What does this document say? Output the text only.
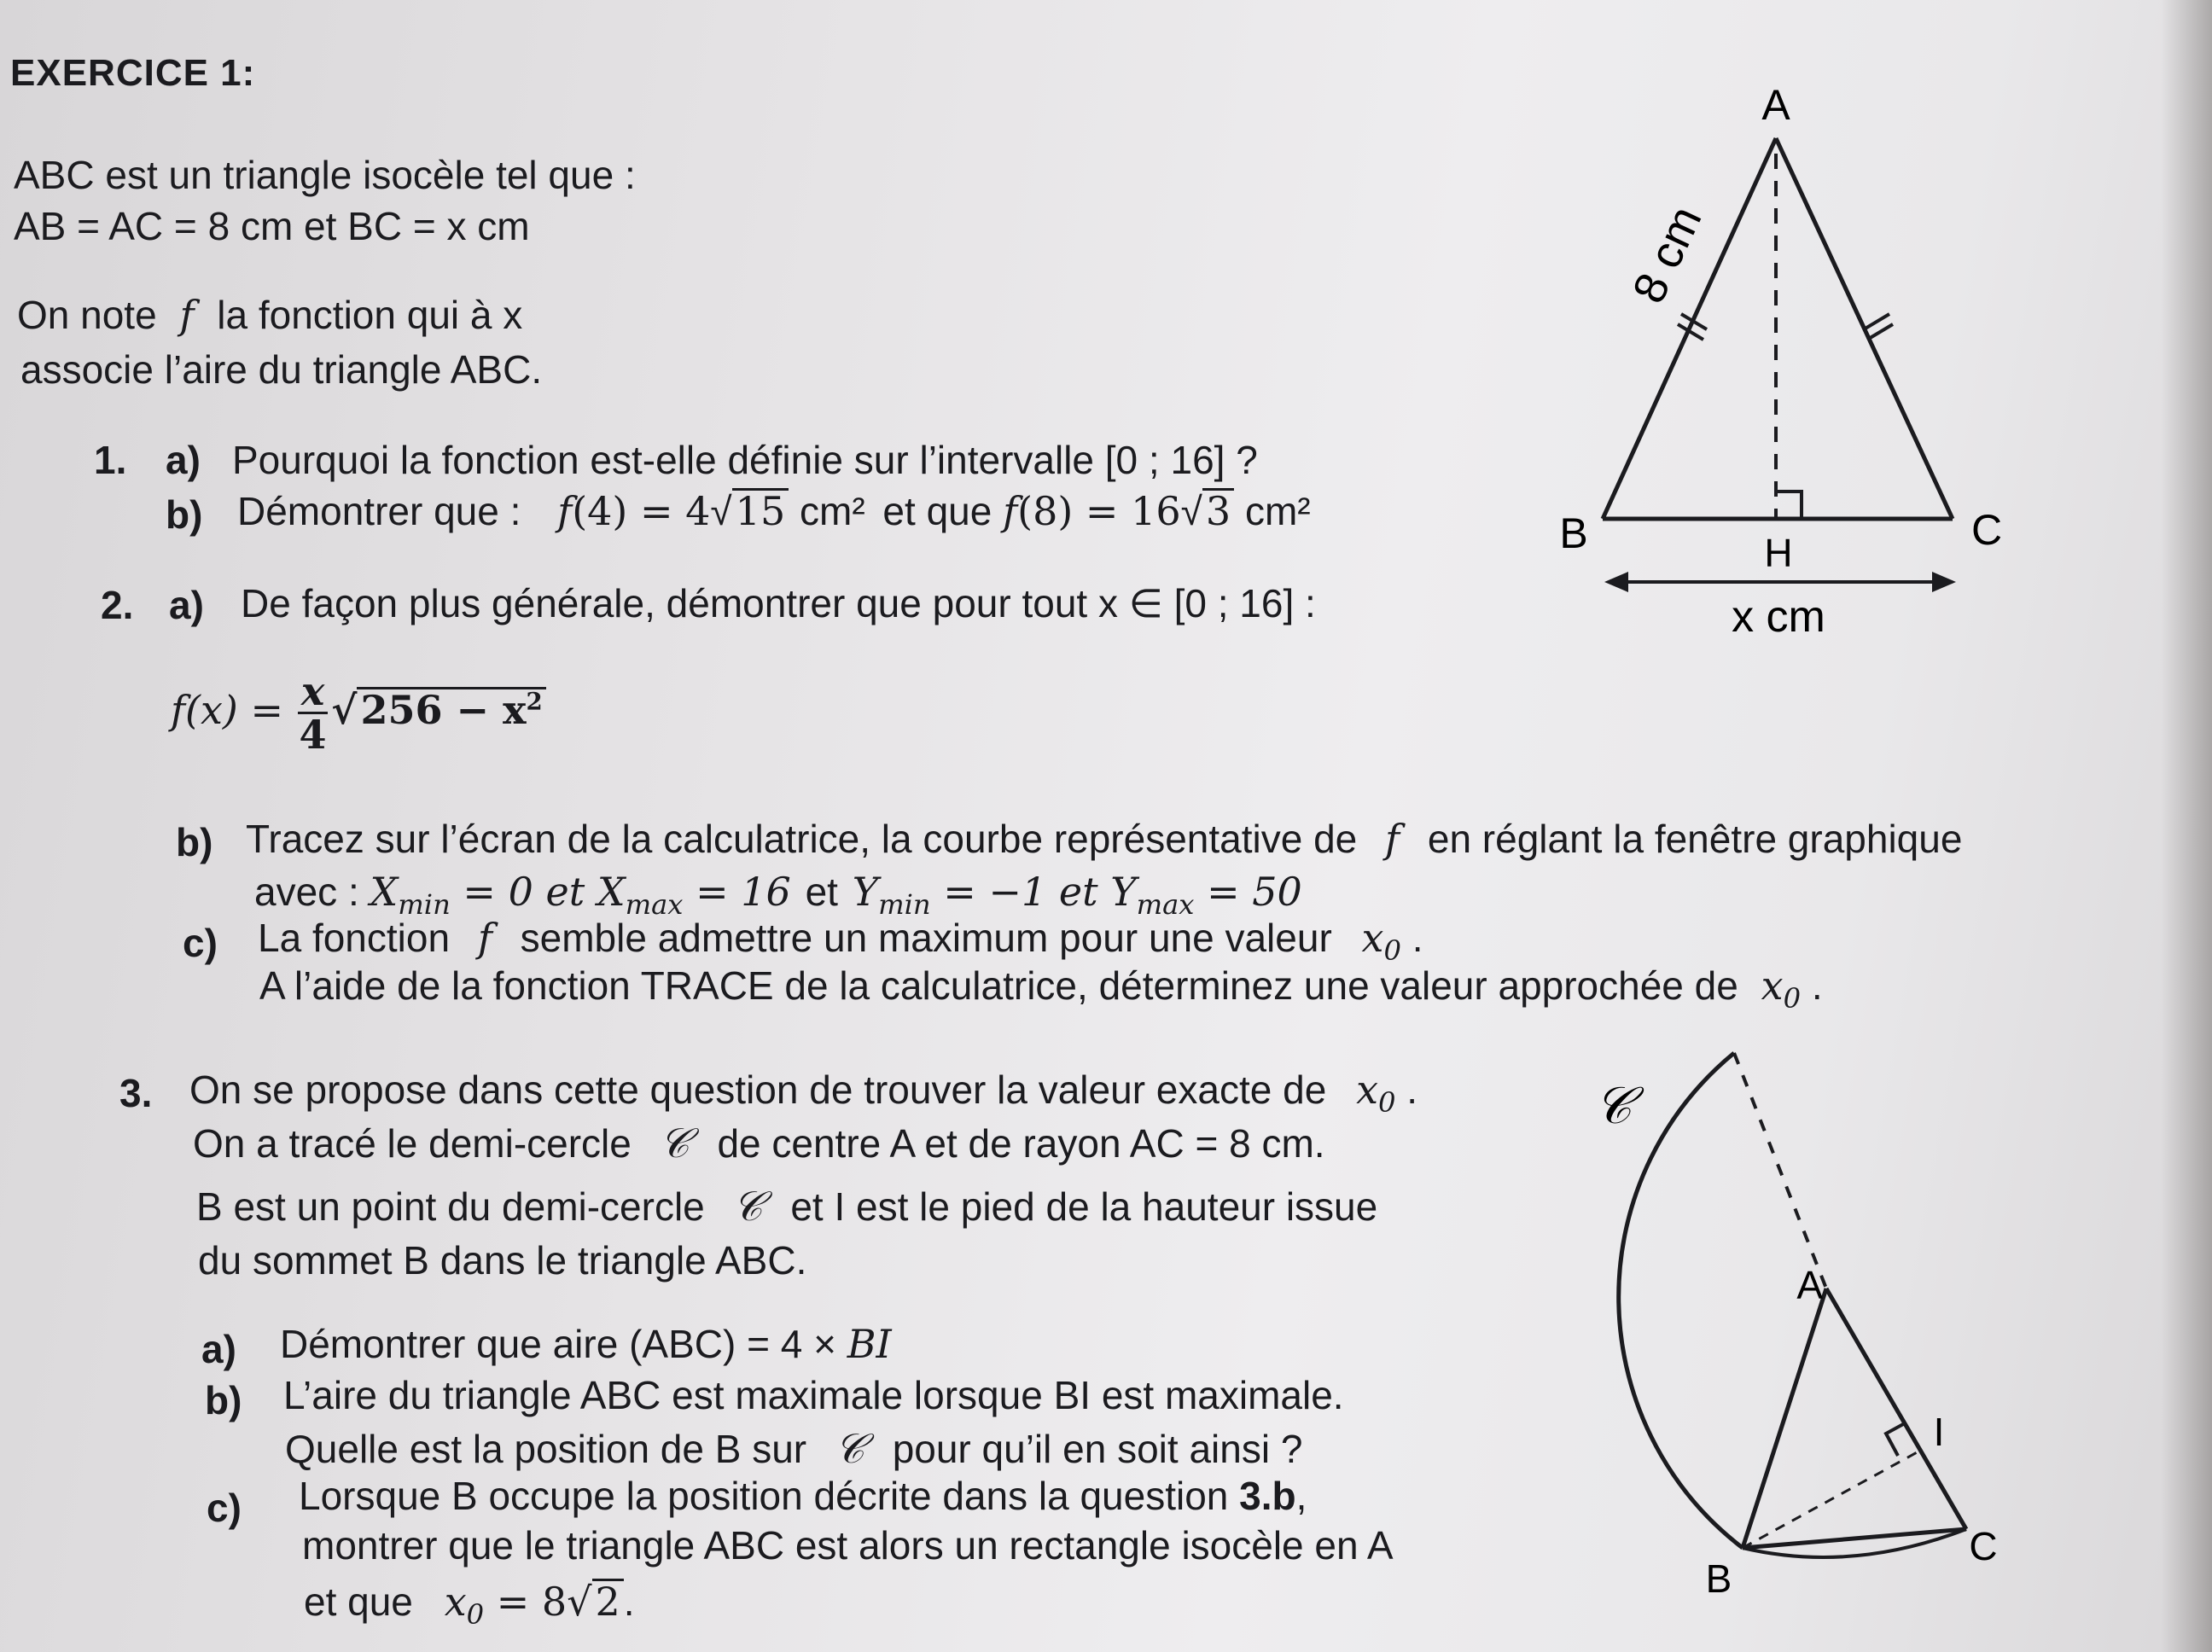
EXERCICE 1:
ABC est un triangle isocèle tel que :
AB = AC = 8 cm et BC = x cm
On note f la fonction qui à x
associe l’aire du triangle ABC.
1. a) Pourquoi la fonction est-elle définie sur l’intervalle [0 ; 16] ?
b) Démontrer que : f(4) = 4√15 cm² et que f(8) = 16√3 cm²
2. a) De façon plus générale, démontrer que pour tout x ∈ [0 ; 16] :
$f(x) = \frac{x}{4} √256 - x^2$
b) Tracez sur l’écran de la calculatrice, la courbe représentative de f en réglant la fenêtre graphique
avec : $X_{min} = 0$ et $X_{max} = 16$ et $Y_{min} = -1$ et $Y_{max} = 50$
c) La fonction f semble admettre un maximum pour une valeur $x_0$ .
A l’aide de la fonction TRACE de la calculatrice, déterminez une valeur approchée de $x_0$ .
3. On se propose dans cette question de trouver la valeur exacte de $x_0$ .
On a tracé le demi-cercle 𝒞 de centre A et de rayon AC = 8 cm.
B est un point du demi-cercle 𝒞 et I est le pied de la hauteur issue
du sommet B dans le triangle ABC.
a) Démontrer que aire (ABC) = 4 × BI
b) L’aire du triangle ABC est maximale lorsque BI est maximale.
Quelle est la position de B sur 𝒞 pour qu’il en soit ainsi ?
c) Lorsque B occupe la position décrite dans la question 3.b,
montrer que le triangle ABC est alors un rectangle isocèle en A
et que $x_0 = 8√2$.
A
B	C
H
8 cm
x cm
𝒞
A
B
C
I
